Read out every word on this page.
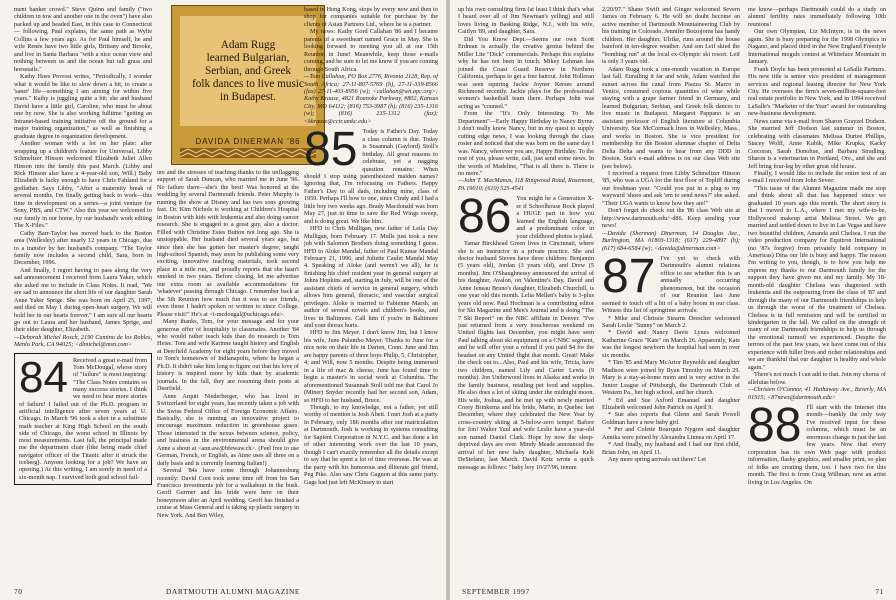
ment banker crowd." Steve Quinn and family ("two children in tow and another one in the oven") have also packed up and headed East, in this case to Connecticut— following, Paul explains, the same path as Wylie Collins a few years ago. As for Paul himself, he and wife Renée have two little girls, Brittany and Brooke, and live in Santa Barbara "with a nice ocean view and nothing between us and the ocean but tall grass and horsetails."

Kathy Hoes Provost writes, "Periodically, I wonder what it would be like to slow down a bit, to create a 'saner' life—something I am aiming for within five years." Kathy is juggling quite a bit: she and husband David have a little girl, Caroline, who must be about one by now. She is also working fulltime "getting an Intranet-based training initiative off the ground for a major training organization," as well as finishing a graduate degree in organization development.

Another woman with a lot on her plate: after wrapping up a children's feature for Universal, Libby Schmeltzer Hinson welcomed Elizabeth Juliet Allen Hinson into the family this past March. (Libby and Rick Hinson also have a 4-year-old son, Will.) Baby Elizabeth is lucky enough to have Chris Fahland for a godfather. Says Libby, "After a maternity break of several months, I'm finally getting back to work—this time in development on a series—a joint venture for Sony, PBS, and CTW." Also this year we welcomed to our family in our home, by our husband's work editing The X-Files."

Cathy Barr-Taylor has moved back to the Boston area (Wellesley) after nearly 12 years in Chicago, due to a transfer by her husband's company. "The Taylor family now includes a second child, Sara, born in December, 1996.

And finally, I regret having to pass along the very sad announcement I received from Laura Yaker, which she asked me to include in Class Notes. It read, "We are sad to announce the short life of our daughter Sarah Anne Yaker Sprige. She was born on April 25, 1997, and died on May 1 during open-heart surgery. We will hold her in our hearts forever." I am sure all our hearts go out to Laura and her husband, James Sprige, and their elder daughter, Elizabeth.

—Deborah Michel Rosch, 2190 Camino de los Robles, Menlo Park, CA 94025; <dlmichel@msn.com>

84 Received a great e-mail from Tom McDougal, whose story of "failure" is most inspiring: "The Class Notes contains so many success stories. I think we need to hear more stories of failure! I failed out of the Ph.D. program in artificial intelligence after seven years at U. Chicago. In March '96 took a shot in a substitute math teacher at King High School on the south side of Chicago, the worst school in Illinois by most measurements. Last fall, the principal made me the department chair (like being made chief navigator officer of the Titanic after it struck the iceberg). Anyone looking for a job? We have an opening.) At this writing, I am sorely in need of a six-month nap. I survived both grad school fail-
Adam Rugg
learned Bulgarian,
Serbian, and Greek
folk dances to live music
in Budapest.
DAVIDA DINERMAN '86

ure and the stresses of teaching thanks to the unflagging support of Sarah Duncan, who married me in June '96. No failure there—she's the best! Was honored at the wedding by several Dartmouth friends. Peter Murphy is running the show at Disney and has two sons growing fast. Dr. Kim Nichols is working at Children's Hospital in Boston with kids with leukemia and also doing cancer research. She is engaged to a great guy, also a doctor. Filled with Christine Estes Button not long ago. She is unstoppable. Her husband died several years ago, but since then she has gotten her master's degree, taught high-school Spanish, may soon be publishing some very exciting, innovative teaching materials, took second place in a mile run, and proudly reports that she hasn't smoked in two years. Before closing, let me advertise our extra room as available accommodations for 'whatever' passing through Chicago. I remember back at the 5th Reunion how much fun it was to see friends, even those I hadn't spoken or written to since College. Please visit!" He's at <t-mcdougal@uchicago.edu>.

Many thanks, Tom, for your message and for your generous offer of hospitality to classmates. Another '84 who would rather teach kids than do research is Tom Heise. Tom and wife Karinne taught history and English at Deerfield Academy for eight years before they moved to Tom's hometown of Indianapolis, where he began a Ph.D. It didn't take him long to figure out that his love of history is inspired more by kids than by academic journals. In the fall, they are resuming their posts at Deerfield.

Anne Arquit Niederberger, who has lived in Switzerland for eight years, has recently taken a job with the Swiss Federal Office of Foreign Economic Affairs. Basically, she is running an innovative project to encourage maximum reduction in greenhouse gases. Those interested in the nexus between science, policy, and business in the environmental arena should give Anne a shout at <ann.aw@bfewaw.ch>. (Feel free to use German, French, or English, as Anne uses all three on a daily basis and is currently learning Italian!)

Several '84s have come through Johannesburg recently: David Coot took some time off from his San Francisco investments job for a walkabout in the bush. Geoff Gurrner and his bride were here on their honeymoon after an April wedding. Geoff has finished a cruise at Mass General and is taking up plastic surgery in New York. And Ben Wiley,

based in Hong Kong, stops by every now and then to shop for companies suitable for purchase by the clients of Asian Partners Ltd., where he is a partner.

My news: Kathy Gord Callahan '86 and I became parents of a sweetheart named Grace in May. She is looking forward to meeting you all at our 15th Reunion in June! Meanwhile, keep those e-mails coming, and be sure to let me know if you are coming through South Africa.

—Tom Callahan, PO Box 2776, Rivonia 2128, Rep. of South Africa; 27-11-807-5769 (h), 27-11-339-8566 (fax) 27-11-403-8956 (w); <callahan@wn.apc.org>; Kathy Krause, 4821 Roanoke Parkway, #802, Kansas City, MO 64112; (816) 753-3987 (h); (816) 235-1316 (w); (816) 235-1312 (fax); <kkrause@cctr.umkc.edu>

85 Today is Father's Day. Today a class column is due. Today is Susannah (Gaylord) Stoll's birthday. All great reasons to celebrate, yet a nagging question remains: When should I stop using parenthesized maiden names? Ignoring that, I'm refocusing on Fathers. Happy Father's Day to all dads, including mine, class of 1959. Perhaps I'll bow to one, since Cindy and I had a little boy two weeks ago. Brady Macdonald was born May 27, just in time to save the Red Wings sweep, and is doing great. We like him.

HFD to Chris Mulligan, new father of Leila Day Mulligan, born February 17. Mulls just took a new job with Salomon Brothers doing something I guess. HFD to Aloke Mandal, father of Paul Kumar Mandal February 21, 1996, and Juliette Caulet Mandal May 4. Speaking of Aloke (and weren't we all), he is finishing his chief resident year in general surgery at Johns Hopkins and, starting in July, will be one of the assistant chiefs of service in general surgery, which allows him general, thoracic, and vascular surgical privileges. Aloke is married to Fabienne Marsh, an author of several novels and children's books, and lives in Baltimore. Call him if you're in Baltimore and your thorax hurts.

HFD to Jim Meyer. I don't know Jim, but I know his wife, June Palumbo Meyer. Thanks to June for a nice note on their life in Darien, Conn. June and Jim are happy parents of three boys Philip, 5, Christopher, 4; and Will, now 5 months. Despite being immersed in a life of mac & cheese, June has found time to begin a master's in social work at Columbia. The aforementioned Susannah Stoll told me that Carol Jo (Miner) Snyder recently had her second son, Adam, so HFD to her husband, Bruce.

Though, to my knowledge, not a father, yet still worthy of mention is Josh Abeit. I met Josh at a party in February, only 186 months after our matriculation at Dartmouth. Josh is working in systems consulting for Sapient Corporation in N.Y.C. and has done a lot of other interesting work over the last 10 years, though I can't exactly remember all the details except to say that he spent a lot of time overseas. He was at the party with his humorous and illiterate girl friend, Peg Pike. Also saw Chris Gagnon at this same party. Gags had just left McKinsey to start

70	DARTMOUTH ALUMNI MAGAZINE

up his own consulting firm (at least I think that's what I heard over all of Jim Newman's yelling) and still loves living in Basking Ridge, N.J., with his wife, Caitlyn '89, and daughter, Sara.

Did You Know Dept.—Seems our own Scott Erdman is actually the creative genius behind the Miller Lite "Dick" commercials. Perhaps this explains why he has not been in touch. Mikey Lehman has joined the Coast Guard Reserve in Northern California, perhaps to get a free haircut. John Holleran was seen squiring Jackie Joyner Kersee around Richmond recently. Jackie plays for the professional women's basketball team there. Perhaps John was acting as "counsel."

From the "It's Only Interesting To Me Department"—Early Happy Birthday to Nancy Byrne. I don't really know Nancy, but in my quest to supply cutting edge news, I was looking through the class roster and noticed that she was born on the same day I was. Nancy, wherever you are, Happy Birthday. To the rest of you, please write, call, just send some news. In the words of Madeline, "That is all there is. There is no more."

—John T. MacManus, 118 Ringwood Road, Rosemont, PA 19010; (610) 525-4541

86 You might be a Generation X-er if Schoolhouse Rock played a HUGE part in how you learned the English language, and a predominant color in your childhood photos is plaid.

Tamar Birckhead Green lives in Cincinnati, where she is an instructor in a private practice. She and doctor husband Steven have three children: Benjamin (5 years old), Jordan (3 years old), and Drew (5 months). Jim O'Shaughnessy announced the arrival of his daughter, Avalon, on Valentine's Day. David and Anne Jeneau Bruno's daughter, Elizabeth Churchill, is one year old this month. Lelia Mellen's baby is 3-plus years old now. Paul Hochman is a contributing editor for Ski Magazine and Men's Journal and is doing "The 7 Ski Report" on the NBC affiliate in Denver. "I've just returned from a very treacherous weekend on United flights last December, you might have seen Paul talking about ski equipment on a CNBC segment, and he will offer your a refund if you paid $4 for the headset on any United flight that month. Great! Make the check out to...Also, Paul and his wife, Tricia, have two children, named Lily and Carter Lewis (9 months). Jon Underwood lives in Alaska and works in the family business, retailing pet food and supplies. He also does a lot of skiing under the midnight moon. His wife, Joshua, and he met up with newly married Corey Brinkema and his bride, Marie, in Quebec last December, where they celebrated the New Year by cross-country skiing at 5-below-zero temps! Bafore for Jon! Walter Yuul and wife Leslie have a year-old son named Daniel Clark. Hope by now the sleep-deprived days are over. Mindy Meade announced the arrival of her new baby daughter, Michaela Kelé DeStefano, last March. David Kotz wrote a quick message as follows: "baby boy 10/27/96, tenure

2/20/97." Shane Swift and Ginger welcomed Severn James on February 6. He will no doubt become an active member of Dartmouth Mountaineering Club by his training in Colorado. Jennifer Botzojorns has handy children. Her daughter, Ulrike, runs around the house barefoot in ten-degree weather. And son Leif skied the "bombing run" at the local ex-Olympic ski resort. Leif is only 3 years old.

Adam Rugg took a one-month vacation in Europe last fall. Eurailing it far and wide, Adam watched the sunset across the canal from Piazza St. Marco in Venice, consumed copious quantities of wine while staying with a grape farmer friend in Germany, and learned Bulgarian, Serbian, and Greek folk dances to live music in Budapest. Margaret Pappano is an assistant professor of English literature at Columbia University. Sue McCormack lives in Wellesley, Mass., and works in Boston. She is vice president for membership for the Boston alumnae chapter of Delta Delta Delta and wants to hear from any DDD in Boston. Sue's e-mail address is on our class Web site (see below).

I received a request from Libby Schmeltzer Hinson '85, who was a UGA for the first floor of Topliff during our freshman year. "Could you put in a plug to my wayward 'shoes and ask 'em to send news?" she asked. "Their UGA wants to know how they are!"

Don't forget do check out the '86 class Web site at http://www.dartmouth.edu/~d86. Keep sending your news!

—Davida (Sherman) Dinerman, 14 Douglas Ave., Burlington, MA 01803-1318; (617) 229-4897 (h); (617) 684-6584 (w); <davida@dinerman.com>

87 I've yet to check with Dartmouth's alumni relations office to see whether this is an annually occurring phenomenon, but the occasion of our Reunion last June seemed to touch off a bit of a baby boom in our class. Witness this list of springtime arrivals:

* Mike and Chrissie Stearns Drescher welcomed Sarah Leslie "Sunny" on March 2.

* David and Nancy Davis Lynes welcomed Katherine Grace "Kate" on March 26. Apparently, Kate was the longest newborn the hospital had seen in over six months.

* Tim '85 and Mary McArtor Reynolds and daughter Madison were joined by Ryan Timothy on March 29. Mary is a stay-at-home mom and is very active in the Junior League of Pittsburgh, the Dartmouth Club of Western Pa., her high school, and her church.

* Ed and Sue Axford Emanuel and daughter Elizabeth welcomed John Patrick on April 9.

* Sue also reports that Glenn and Sarah Powell Goldman have a new baby girl.

* Per and Colette Bourquin Nygren and daughter Annika were joined by Alexandra Linnea on April 17.

* And finally, my husband and I had our first child, Brian John, on April 11.

Any more spring arrivals out there? Let

me know—perhaps Dartmouth could do a study on alumni fertility rates immediately following 10th reunions!

Our own Olympian, Liz McIntyre, is in the news again. She is busy preparing for the 1998 Olympics in Nagano, and placed third in the New England Freestyle International moguls contest at Whiteface Mountain in January.

Frank Doyle has been promoted at LaSalle Partners. His new title is senior vice president of management services and regional leasing director for New York City. He oversees the firm's seven-million-square-foot real estate portfolio in New York, and in 1994 received LaSalle's "Marketer of the Year" award for outstanding new-business development.

News came via e-mail from Sharon Grayzel Dodson. She married Jeff Dodson last summer in Boston, celebrating with classmates Melissa Durtee Phillips, Stacey Wolff, Anne Kubik, Mike Krupka, Kacky Corcoran, Sarah Donohue, and Barbara Stradling. Sharon is a veterinarian in Portland, Ore., and she and Jeff bring four-leg by other great old house.

Finally, I would like to include the entire text of an e-mail I received from John Sevee:

"This issue of the Alumni Magazine made me stop and think about all that has happened since we graduated 10 years ago this month. The short story is that I moved to L.A., where I met my wife-to-be, Hollywood makeup artist Melissa Street. We got married and settled down to live in Las Vegas and have two beautiful children, Amanda and Chelsea. I run the video production company for Equitron International (no '87s forgive) from privately held company in Americas) Dina our life is busy and happy. The reason I'm writing to you, though, is to how you help me express my thanks to our Dartmouth family for the support they have given me and my family. My 18-month-old daughter Chelsea was diagnosed with leukemia and the outpouring from the class of '87 and through the many of our Dartmouth friendships to help us through the worst of the treatment of Chelsea. Chelsea is in full remission and will be certified in kindergarten in the fall. We called on the strength of many of our Dartmouth friendships to help us through the emotional turmoil we experienced. Despite the terrors of the past few years, we have come out of this experience with fuller lives and richer relationships and we are thankful that our daughter is healthy and whole again."

There's not much I can add to that. Join my chorus of alleluias below.

—Christen O'Connor, 41 Hathaway Ave., Beverly, MA 01915; <87news@dartmouth.edu>

88 I'll start with the Internet this month—frankly the only way I've received input for these columns, which must be an enormous change in just the last few years. Now that every corporation has its own Web page with product information, flashy graphics, and smaller print, so plan of folks are creating them, too. I have two for this month. The first is from Craig Willman, now an artist living in Los Angeles. On
SEPTEMBER 1997	71
